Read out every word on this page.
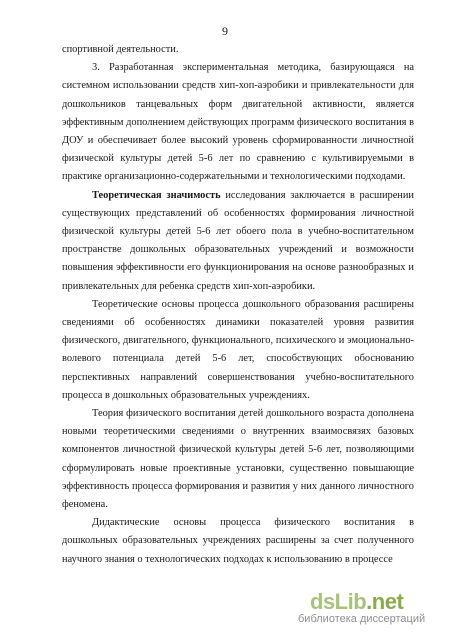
9

спортивной деятельности.

3. Разработанная экспериментальная методика, базирующаяся на системном использовании средств хип-хоп-аэробики и привлекательности для дошкольников танцевальных форм двигательной активности, является эффективным дополнением действующих программ физического воспитания в ДОУ и обеспечивает более высокий уровень сформированности личностной физической культуры детей 5-6 лет по сравнению с культивируемыми в практике организационно-содержательными и технологическими подходами.

Теоретическая значимость исследования заключается в расширении существующих представлений об особенностях формирования личностной физической культуры детей 5-6 лет обоего пола в учебно-воспитательном пространстве дошкольных образовательных учреждений и возможности повышения эффективности его функционирования на основе разнообразных и привлекательных для ребенка средств хип-хоп-аэробики.

Теоретические основы процесса дошкольного образования расширены сведениями об особенностях динамики показателей уровня развития физического, двигательного, функционального, психического и эмоционально-волевого потенциала детей 5-6 лет, способствующих обоснованию перспективных направлений совершенствования учебно-воспитательного процесса в дошкольных образовательных учреждениях.

Теория физического воспитания детей дошкольного возраста дополнена новыми теоретическими сведениями о внутренних взаимосвязях базовых компонентов личностной физической культуры детей 5-6 лет, позволяющими сформулировать новые проективные установки, существенно повышающие эффективность процесса формирования и развития у них данного личностного феномена.

Дидактические основы процесса физического воспитания в дошкольных образовательных учреждениях расширены за счет полученного научного знания о технологических подходах к использованию в процессе

dsLib.net
библиотека диссертаций
